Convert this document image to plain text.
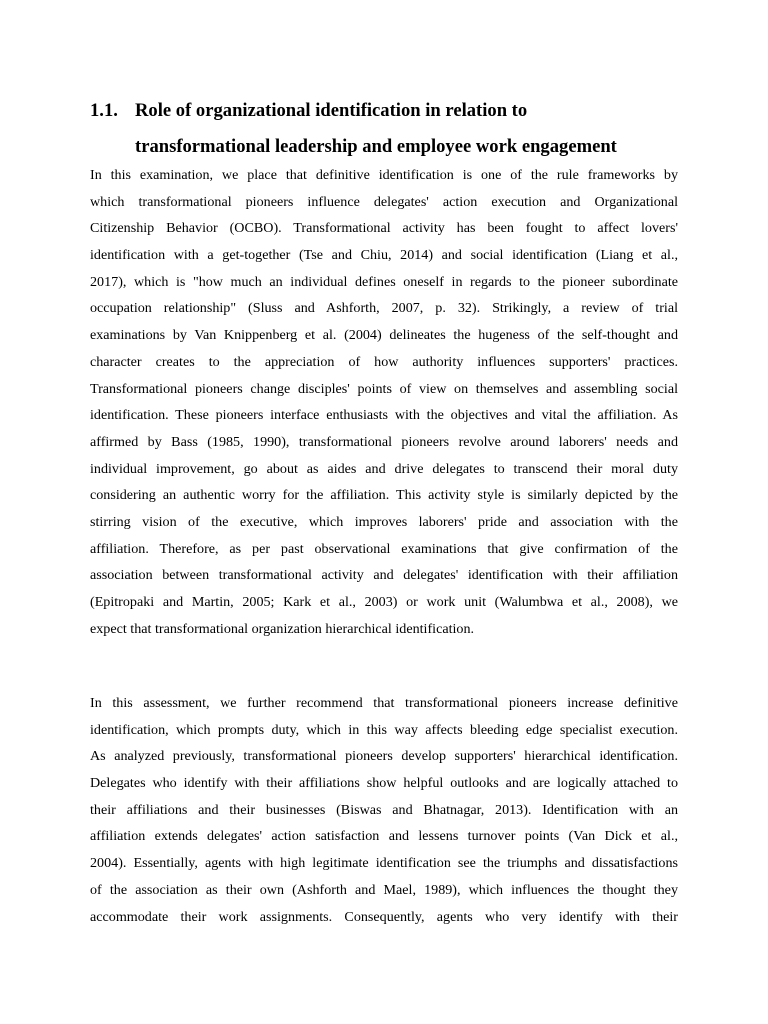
1.1. Role of organizational identification in relation to
transformational leadership and employee work engagement
In this examination, we place that definitive identification is one of the rule frameworks by
which transformational pioneers influence delegates' action execution and Organizational
Citizenship Behavior (OCBO). Transformational activity has been fought to affect lovers'
identification with a get-together (Tse and Chiu, 2014) and social identification (Liang et al.,
2017), which is "how much an individual defines oneself in regards to the pioneer subordinate
occupation relationship" (Sluss and Ashforth, 2007, p. 32). Strikingly, a review of trial
examinations by Van Knippenberg et al. (2004) delineates the hugeness of the self-thought and
character creates to the appreciation of how authority influences supporters' practices.
Transformational pioneers change disciples' points of view on themselves and assembling social
identification. These pioneers interface enthusiasts with the objectives and vital the affiliation. As
affirmed by Bass (1985, 1990), transformational pioneers revolve around laborers' needs and
individual improvement, go about as aides and drive delegates to transcend their moral duty
considering an authentic worry for the affiliation. This activity style is similarly depicted by the
stirring vision of the executive, which improves laborers' pride and association with the
affiliation. Therefore, as per past observational examinations that give confirmation of the
association between transformational activity and delegates' identification with their affiliation
(Epitropaki and Martin, 2005; Kark et al., 2003) or work unit (Walumbwa et al., 2008), we
expect that transformational organization hierarchical identification.
In this assessment, we further recommend that transformational pioneers increase definitive
identification, which prompts duty, which in this way affects bleeding edge specialist execution.
As analyzed previously, transformational pioneers develop supporters' hierarchical identification.
Delegates who identify with their affiliations show helpful outlooks and are logically attached to
their affiliations and their businesses (Biswas and Bhatnagar, 2013). Identification with an
affiliation extends delegates' action satisfaction and lessens turnover points (Van Dick et al.,
2004). Essentially, agents with high legitimate identification see the triumphs and dissatisfactions
of the association as their own (Ashforth and Mael, 1989), which influences the thought they
accommodate their work assignments. Consequently, agents who very identify with their
